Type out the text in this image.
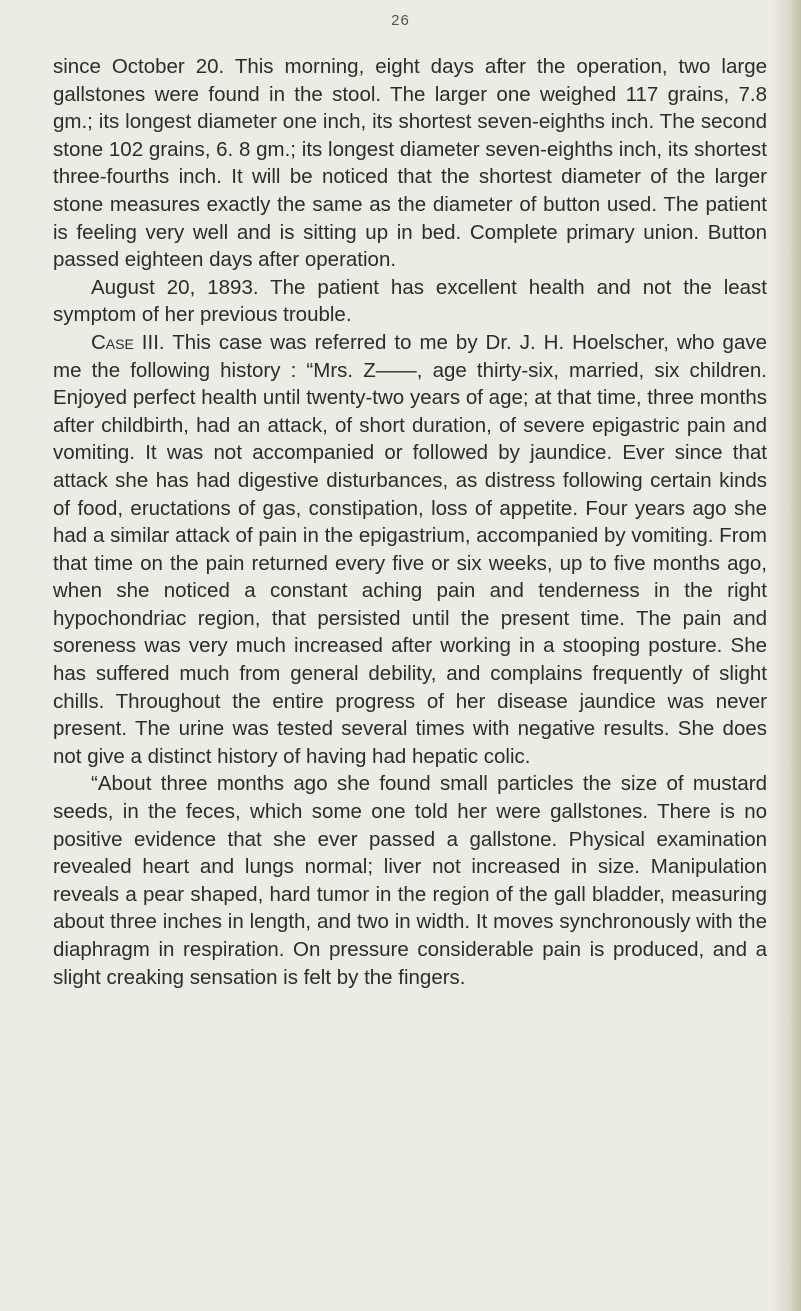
26

since October 20. This morning, eight days after the operation, two large gallstones were found in the stool. The larger one weighed 117 grains, 7.8 gm.; its longest diameter one inch, its shortest seven-eighths inch. The second stone 102 grains, 6. 8 gm.; its longest diameter seven-eighths inch, its shortest three-fourths inch. It will be noticed that the shortest diameter of the larger stone measures exactly the same as the diameter of button used. The patient is feeling very well and is sitting up in bed. Complete primary union. Button passed eighteen days after operation.

August 20, 1893. The patient has excellent health and not the least symptom of her previous trouble.

Case III. This case was referred to me by Dr. J. H. Hoelscher, who gave me the following history : “Mrs. Z——, age thirty-six, married, six children. Enjoyed perfect health until twenty-two years of age; at that time, three months after childbirth, had an attack, of short duration, of severe epigastric pain and vomiting. It was not accompanied or followed by jaundice. Ever since that attack she has had digestive disturbances, as distress following certain kinds of food, eructations of gas, constipation, loss of appetite. Four years ago she had a similar attack of pain in the epigastrium, accompanied by vomiting. From that time on the pain returned every five or six weeks, up to five months ago, when she noticed a constant aching pain and tenderness in the right hypochondriac region, that persisted until the present time. The pain and soreness was very much increased after working in a stooping posture. She has suffered much from general debility, and complains frequently of slight chills. Throughout the entire progress of her disease jaundice was never present. The urine was tested several times with negative results. She does not give a distinct history of having had hepatic colic.

“About three months ago she found small particles the size of mustard seeds, in the feces, which some one told her were gallstones. There is no positive evidence that she ever passed a gallstone. Physical examination revealed heart and lungs normal; liver not increased in size. Manipulation reveals a pear shaped, hard tumor in the region of the gall bladder, measuring about three inches in length, and two in width. It moves synchronously with the diaphragm in respiration. On pressure considerable pain is produced, and a slight creaking sensation is felt by the fingers.
